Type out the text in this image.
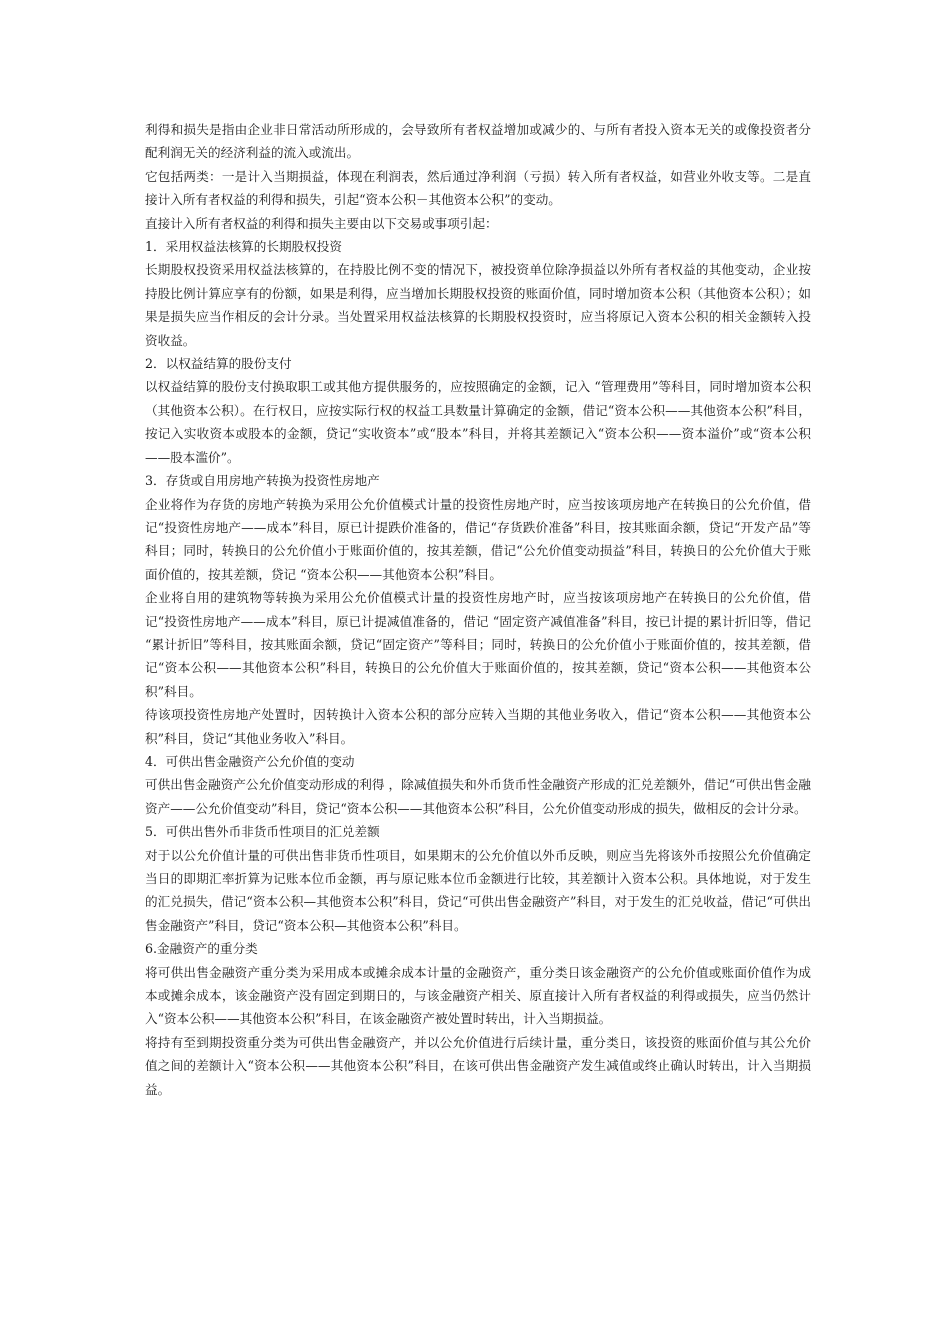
利得和损失是指由企业非日常活动所形成的，会导致所有者权益增加或减少的、与所有者投入资本无关的或像投资者分配利润无关的经济利益的流入或流出。

它包括两类：一是计入当期损益，体现在利润表，然后通过净利润（亏损）转入所有者权益，如营业外收支等。二是直接计入所有者权益的利得和损失，引起“资本公积－其他资本公积”的变动。

直接计入所有者权益的利得和损失主要由以下交易或事项引起：

1．采用权益法核算的长期股权投资

长期股权投资采用权益法核算的，在持股比例不变的情况下，被投资单位除净损益以外所有者权益的其他变动，企业按持股比例计算应享有的份额，如果是利得，应当增加长期股权投资的账面价值，同时增加资本公积（其他资本公积）；如果是损失应当作相反的会计分录。当处置采用权益法核算的长期股权投资时，应当将原记入资本公积的相关金额转入投资收益。

2．以权益结算的股份支付

以权益结算的股份支付换取职工或其他方提供服务的，应按照确定的金额，记入 “管理费用”等科目，同时增加资本公积（其他资本公积）。在行权日，应按实际行权的权益工具数量计算确定的金额，借记“资本公积——其他资本公积”科目，按记入实收资本或股本的金额，贷记“实收资本”或“股本”科目，并将其差额记入“资本公积——资本溢价”或“资本公积——股本滥价”。

3．存货或自用房地产转换为投资性房地产

企业将作为存货的房地产转换为采用公允价值模式计量的投资性房地产时，应当按该项房地产在转换日的公允价值，借记“投资性房地产——成本”科目，原已计提跌价准备的，借记“存货跌价准备”科目，按其账面余额，贷记“开发产品”等科目；同时，转换日的公允价值小于账面价值的，按其差额，借记“公允价值变动损益”科目，转换日的公允价值大于账面价值的，按其差额，贷记 “资本公积——其他资本公积”科目。

企业将自用的建筑物等转换为采用公允价值模式计量的投资性房地产时，应当按该项房地产在转换日的公允价值，借记“投资性房地产——成本”科目，原已计提减值准备的，借记 “固定资产减值准备”科目，按已计提的累计折旧等，借记 “累计折旧”等科目，按其账面余额，贷记“固定资产”等科目；同时，转换日的公允价值小于账面价值的，按其差额，借记“资本公积——其他资本公积”科目，转换日的公允价值大于账面价值的，按其差额，贷记“资本公积——其他资本公积”科目。

待该项投资性房地产处置时，因转换计入资本公积的部分应转入当期的其他业务收入，借记“资本公积——其他资本公积”科目，贷记“其他业务收入”科目。

4．可供出售金融资产公允价值的变动

可供出售金融资产公允价值变动形成的利得 ，除减值损失和外币货币性金融资产形成的汇兑差额外，借记“可供出售金融资产——公允价值变动”科目，贷记“资本公积——其他资本公积”科目，公允价值变动形成的损失，做相反的会计分录。

5．可供出售外币非货币性项目的汇兑差额

对于以公允价值计量的可供出售非货币性项目，如果期末的公允价值以外币反映，则应当先将该外币按照公允价值确定当日的即期汇率折算为记账本位币金额，再与原记账本位币金额进行比较，其差额计入资本公积。具体地说，对于发生的汇兑损失，借记“资本公积—其他资本公积”科目，贷记“可供出售金融资产”科目，对于发生的汇兑收益，借记“可供出售金融资产”科目，贷记“资本公积—其他资本公积”科目。

6.金融资产的重分类

将可供出售金融资产重分类为采用成本或摊余成本计量的金融资产，重分类日该金融资产的公允价值或账面价值作为成本或摊余成本，该金融资产没有固定到期日的，与该金融资产相关、原直接计入所有者权益的利得或损失，应当仍然计入“资本公积——其他资本公积”科目，在该金融资产被处置时转出，计入当期损益。

将持有至到期投资重分类为可供出售金融资产，并以公允价值进行后续计量，重分类日，该投资的账面价值与其公允价值之间的差额计入“资本公积——其他资本公积”科目，在该可供出售金融资产发生减值或终止确认时转出，计入当期损益。
